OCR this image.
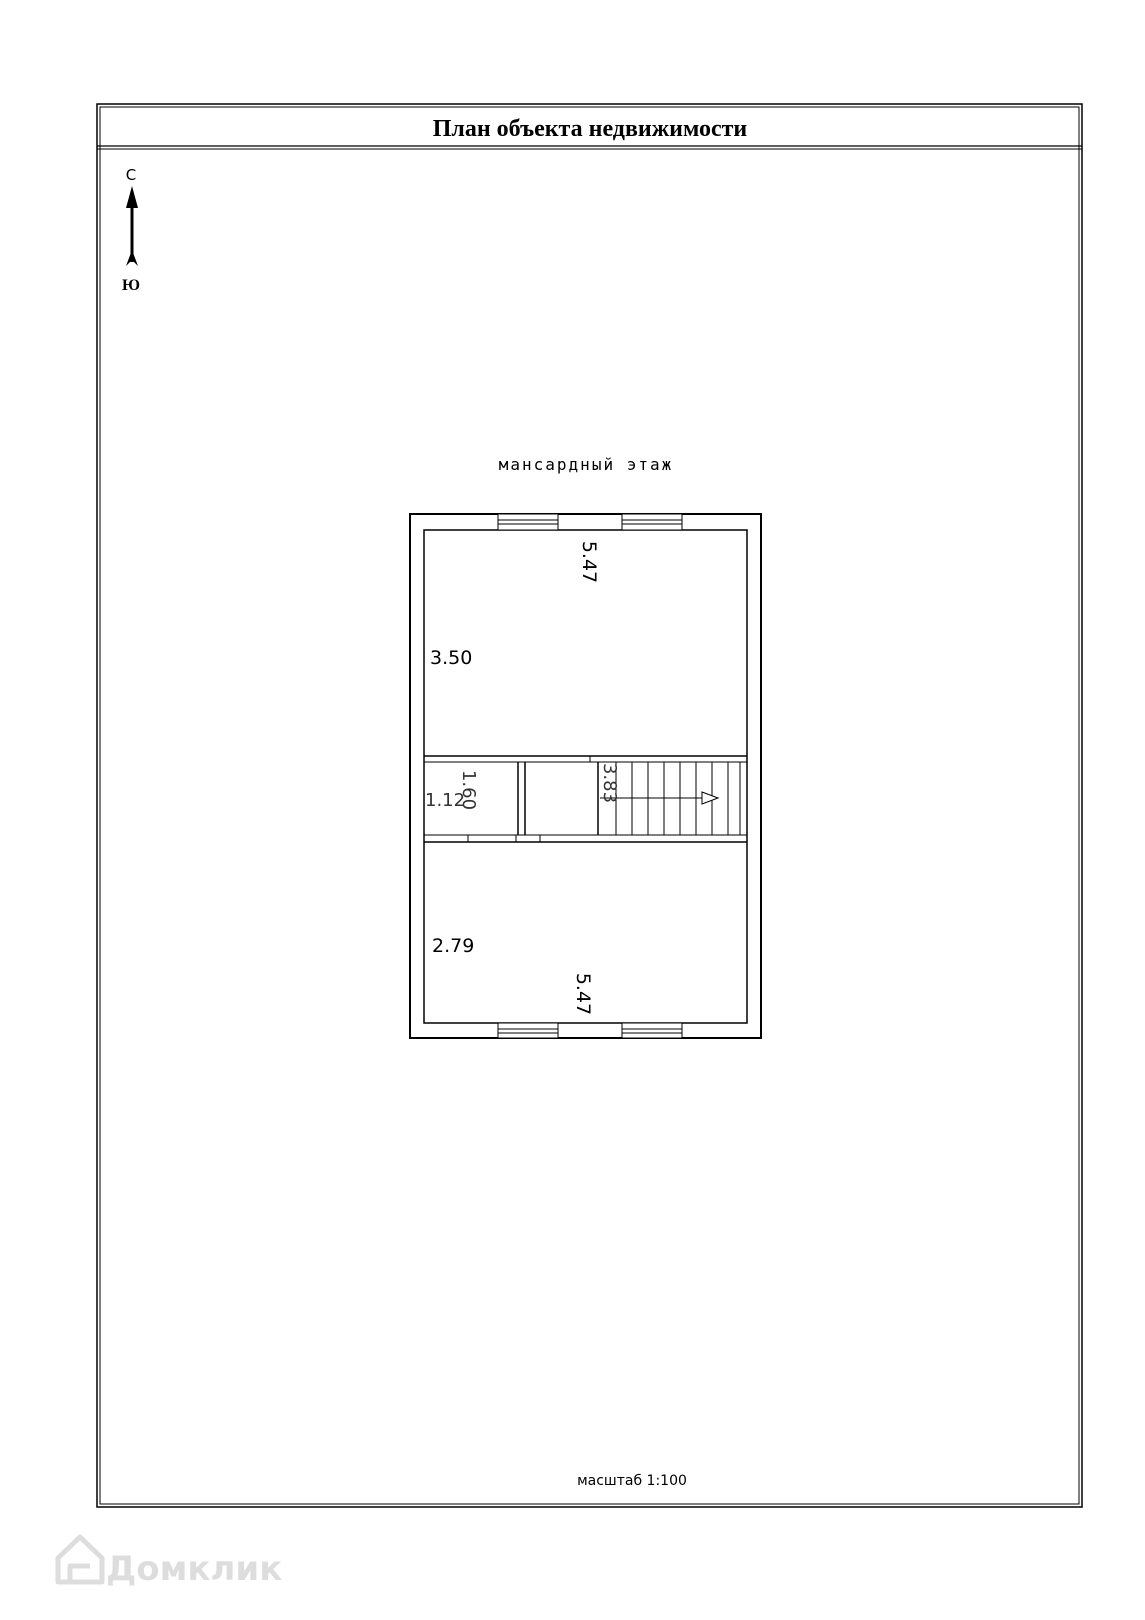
План объекта недвижимости
С
Ю
мансардный этаж
5.47
3.50
1.60
1.12	3.83
2.79
5.47
масштаб 1:100
Домклик
